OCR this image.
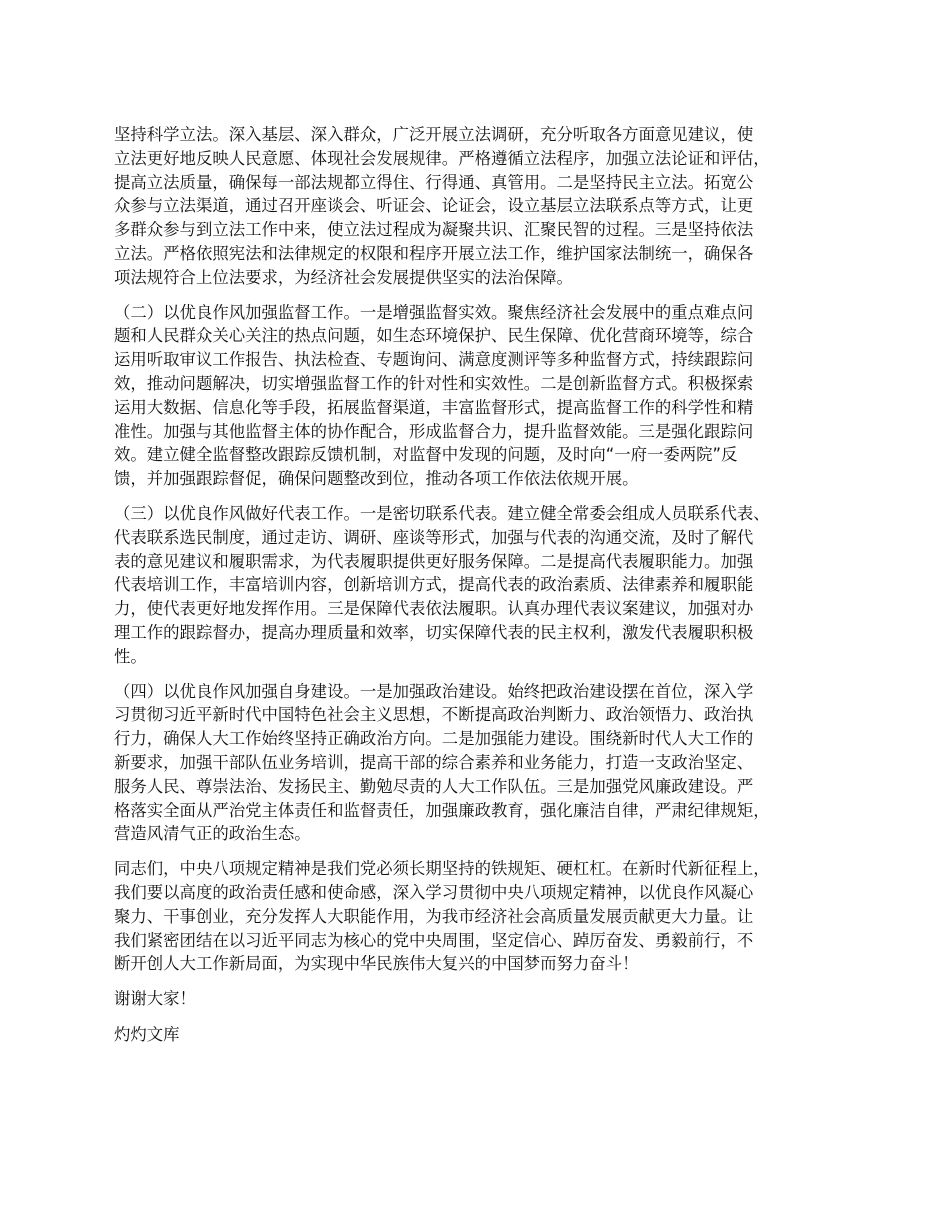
坚持科学立法。深入基层、深入群众，广泛开展立法调研，充分听取各方面意见建议，使
立法更好地反映人民意愿、体现社会发展规律。严格遵循立法程序，加强立法论证和评估，
提高立法质量，确保每一部法规都立得住、行得通、真管用。二是坚持民主立法。拓宽公
众参与立法渠道，通过召开座谈会、听证会、论证会，设立基层立法联系点等方式，让更
多群众参与到立法工作中来，使立法过程成为凝聚共识、汇聚民智的过程。三是坚持依法
立法。严格依照宪法和法律规定的权限和程序开展立法工作，维护国家法制统一，确保各
项法规符合上位法要求，为经济社会发展提供坚实的法治保障。

（二）以优良作风加强监督工作。一是增强监督实效。聚焦经济社会发展中的重点难点问
题和人民群众关心关注的热点问题，如生态环境保护、民生保障、优化营商环境等，综合
运用听取审议工作报告、执法检查、专题询问、满意度测评等多种监督方式，持续跟踪问
效，推动问题解决，切实增强监督工作的针对性和实效性。二是创新监督方式。积极探索
运用大数据、信息化等手段，拓展监督渠道，丰富监督形式，提高监督工作的科学性和精
准性。加强与其他监督主体的协作配合，形成监督合力，提升监督效能。三是强化跟踪问
效。建立健全监督整改跟踪反馈机制，对监督中发现的问题，及时向“一府一委两院”反
馈，并加强跟踪督促，确保问题整改到位，推动各项工作依法依规开展。

（三）以优良作风做好代表工作。一是密切联系代表。建立健全常委会组成人员联系代表、
代表联系选民制度，通过走访、调研、座谈等形式，加强与代表的沟通交流，及时了解代
表的意见建议和履职需求，为代表履职提供更好服务保障。二是提高代表履职能力。加强
代表培训工作，丰富培训内容，创新培训方式，提高代表的政治素质、法律素养和履职能
力，使代表更好地发挥作用。三是保障代表依法履职。认真办理代表议案建议，加强对办
理工作的跟踪督办，提高办理质量和效率，切实保障代表的民主权利，激发代表履职积极
性。

（四）以优良作风加强自身建设。一是加强政治建设。始终把政治建设摆在首位，深入学
习贯彻习近平新时代中国特色社会主义思想，不断提高政治判断力、政治领悟力、政治执
行力，确保人大工作始终坚持正确政治方向。二是加强能力建设。围绕新时代人大工作的
新要求，加强干部队伍业务培训，提高干部的综合素养和业务能力，打造一支政治坚定、
服务人民、尊崇法治、发扬民主、勤勉尽责的人大工作队伍。三是加强党风廉政建设。严
格落实全面从严治党主体责任和监督责任，加强廉政教育，强化廉洁自律，严肃纪律规矩，
营造风清气正的政治生态。

同志们，中央八项规定精神是我们党必须长期坚持的铁规矩、硬杠杠。在新时代新征程上，
我们要以高度的政治责任感和使命感，深入学习贯彻中央八项规定精神，以优良作风凝心
聚力、干事创业，充分发挥人大职能作用，为我市经济社会高质量发展贡献更大力量。让
我们紧密团结在以习近平同志为核心的党中央周围，坚定信心、踔厉奋发、勇毅前行，不
断开创人大工作新局面，为实现中华民族伟大复兴的中国梦而努力奋斗！

谢谢大家！

灼灼文库
